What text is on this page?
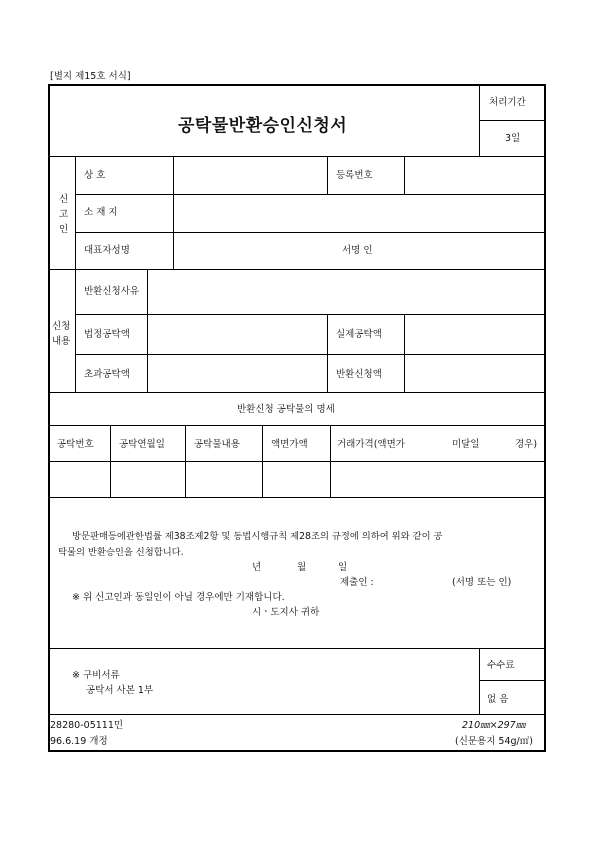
[별지 제15호 서식]
공탁물반환승인신청서
처리기간
3일
신
고
인
상 호	등록번호
소 재 지
대표자성명	서명 인
신청
내용
반환신청사유
법정공탁액	실제공탁액
초과공탁액	반환신청액
반환신청 공탁물의 명세
공탁번호	공탁연월일	공탁물내용	액면가액	거래가격(액면가	미달일	경우)
방문판매등에관한법률 제38조제2항 및 동법시행규칙 제28조의 규정에 의하여 위와 같이 공
탁물의 반환승인을 신청합니다.
년	월	일
제출인 :	(서명 또는 인)
※ 위 신고인과 동일인이 아닐 경우에만 기재합니다.
시ㆍ도지사 귀하
※ 구비서류
공탁서 사본 1부
수수료
없 음
28280-05111민
96.6.19 개정
210㎜×297㎜
(신문용지 54g/㎡)
